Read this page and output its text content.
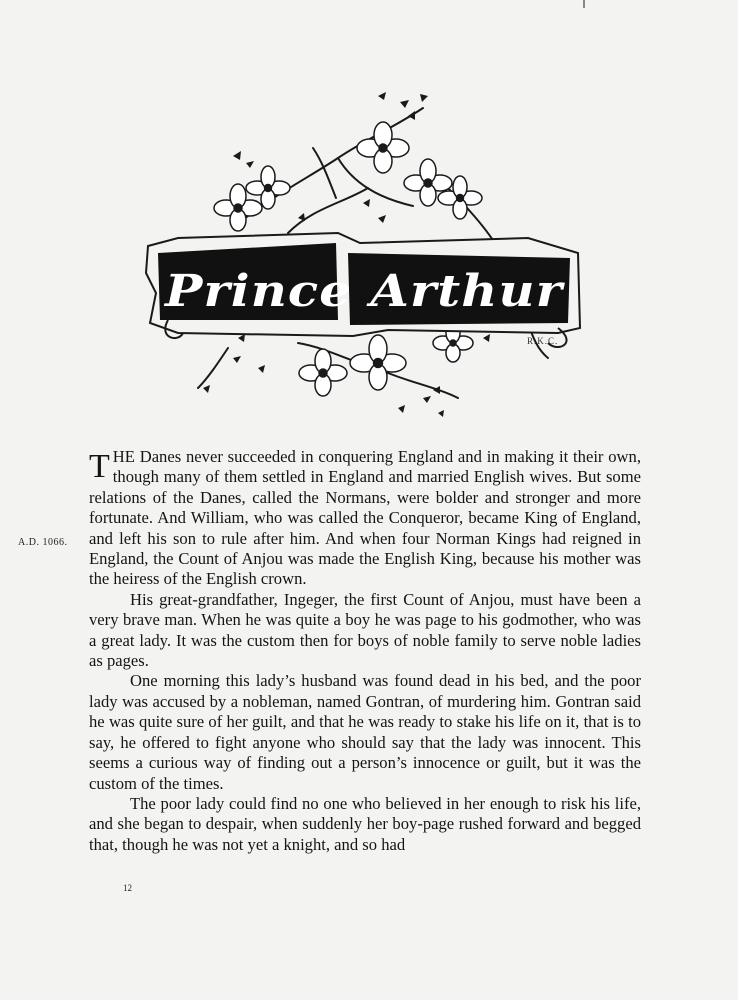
Prince Arthur
R.K.C.
A.D. 1066.

THE Danes never succeeded in conquering England and in making it their own, though many of them settled in England and married English wives. But some relations of the Danes, called the Normans, were bolder and stronger and more fortunate. And William, who was called the Conqueror, became King of England, and left his son to rule after him. And when four Norman Kings had reigned in England, the Count of Anjou was made the English King, because his mother was the heiress of the English crown.

His great-grandfather, Ingeger, the first Count of Anjou, must have been a very brave man. When he was quite a boy he was page to his godmother, who was a great lady. It was the custom then for boys of noble family to serve noble ladies as pages.

One morning this lady’s husband was found dead in his bed, and the poor lady was accused by a nobleman, named Gontran, of murdering him. Gontran said he was quite sure of her guilt, and that he was ready to stake his life on it, that is to say, he offered to fight anyone who should say that the lady was innocent. This seems a curious way of finding out a person’s innocence or guilt, but it was the custom of the times.

The poor lady could find no one who believed in her enough to risk his life, and she began to despair, when suddenly her boy-page rushed forward and begged that, though he was not yet a knight, and so had

12
